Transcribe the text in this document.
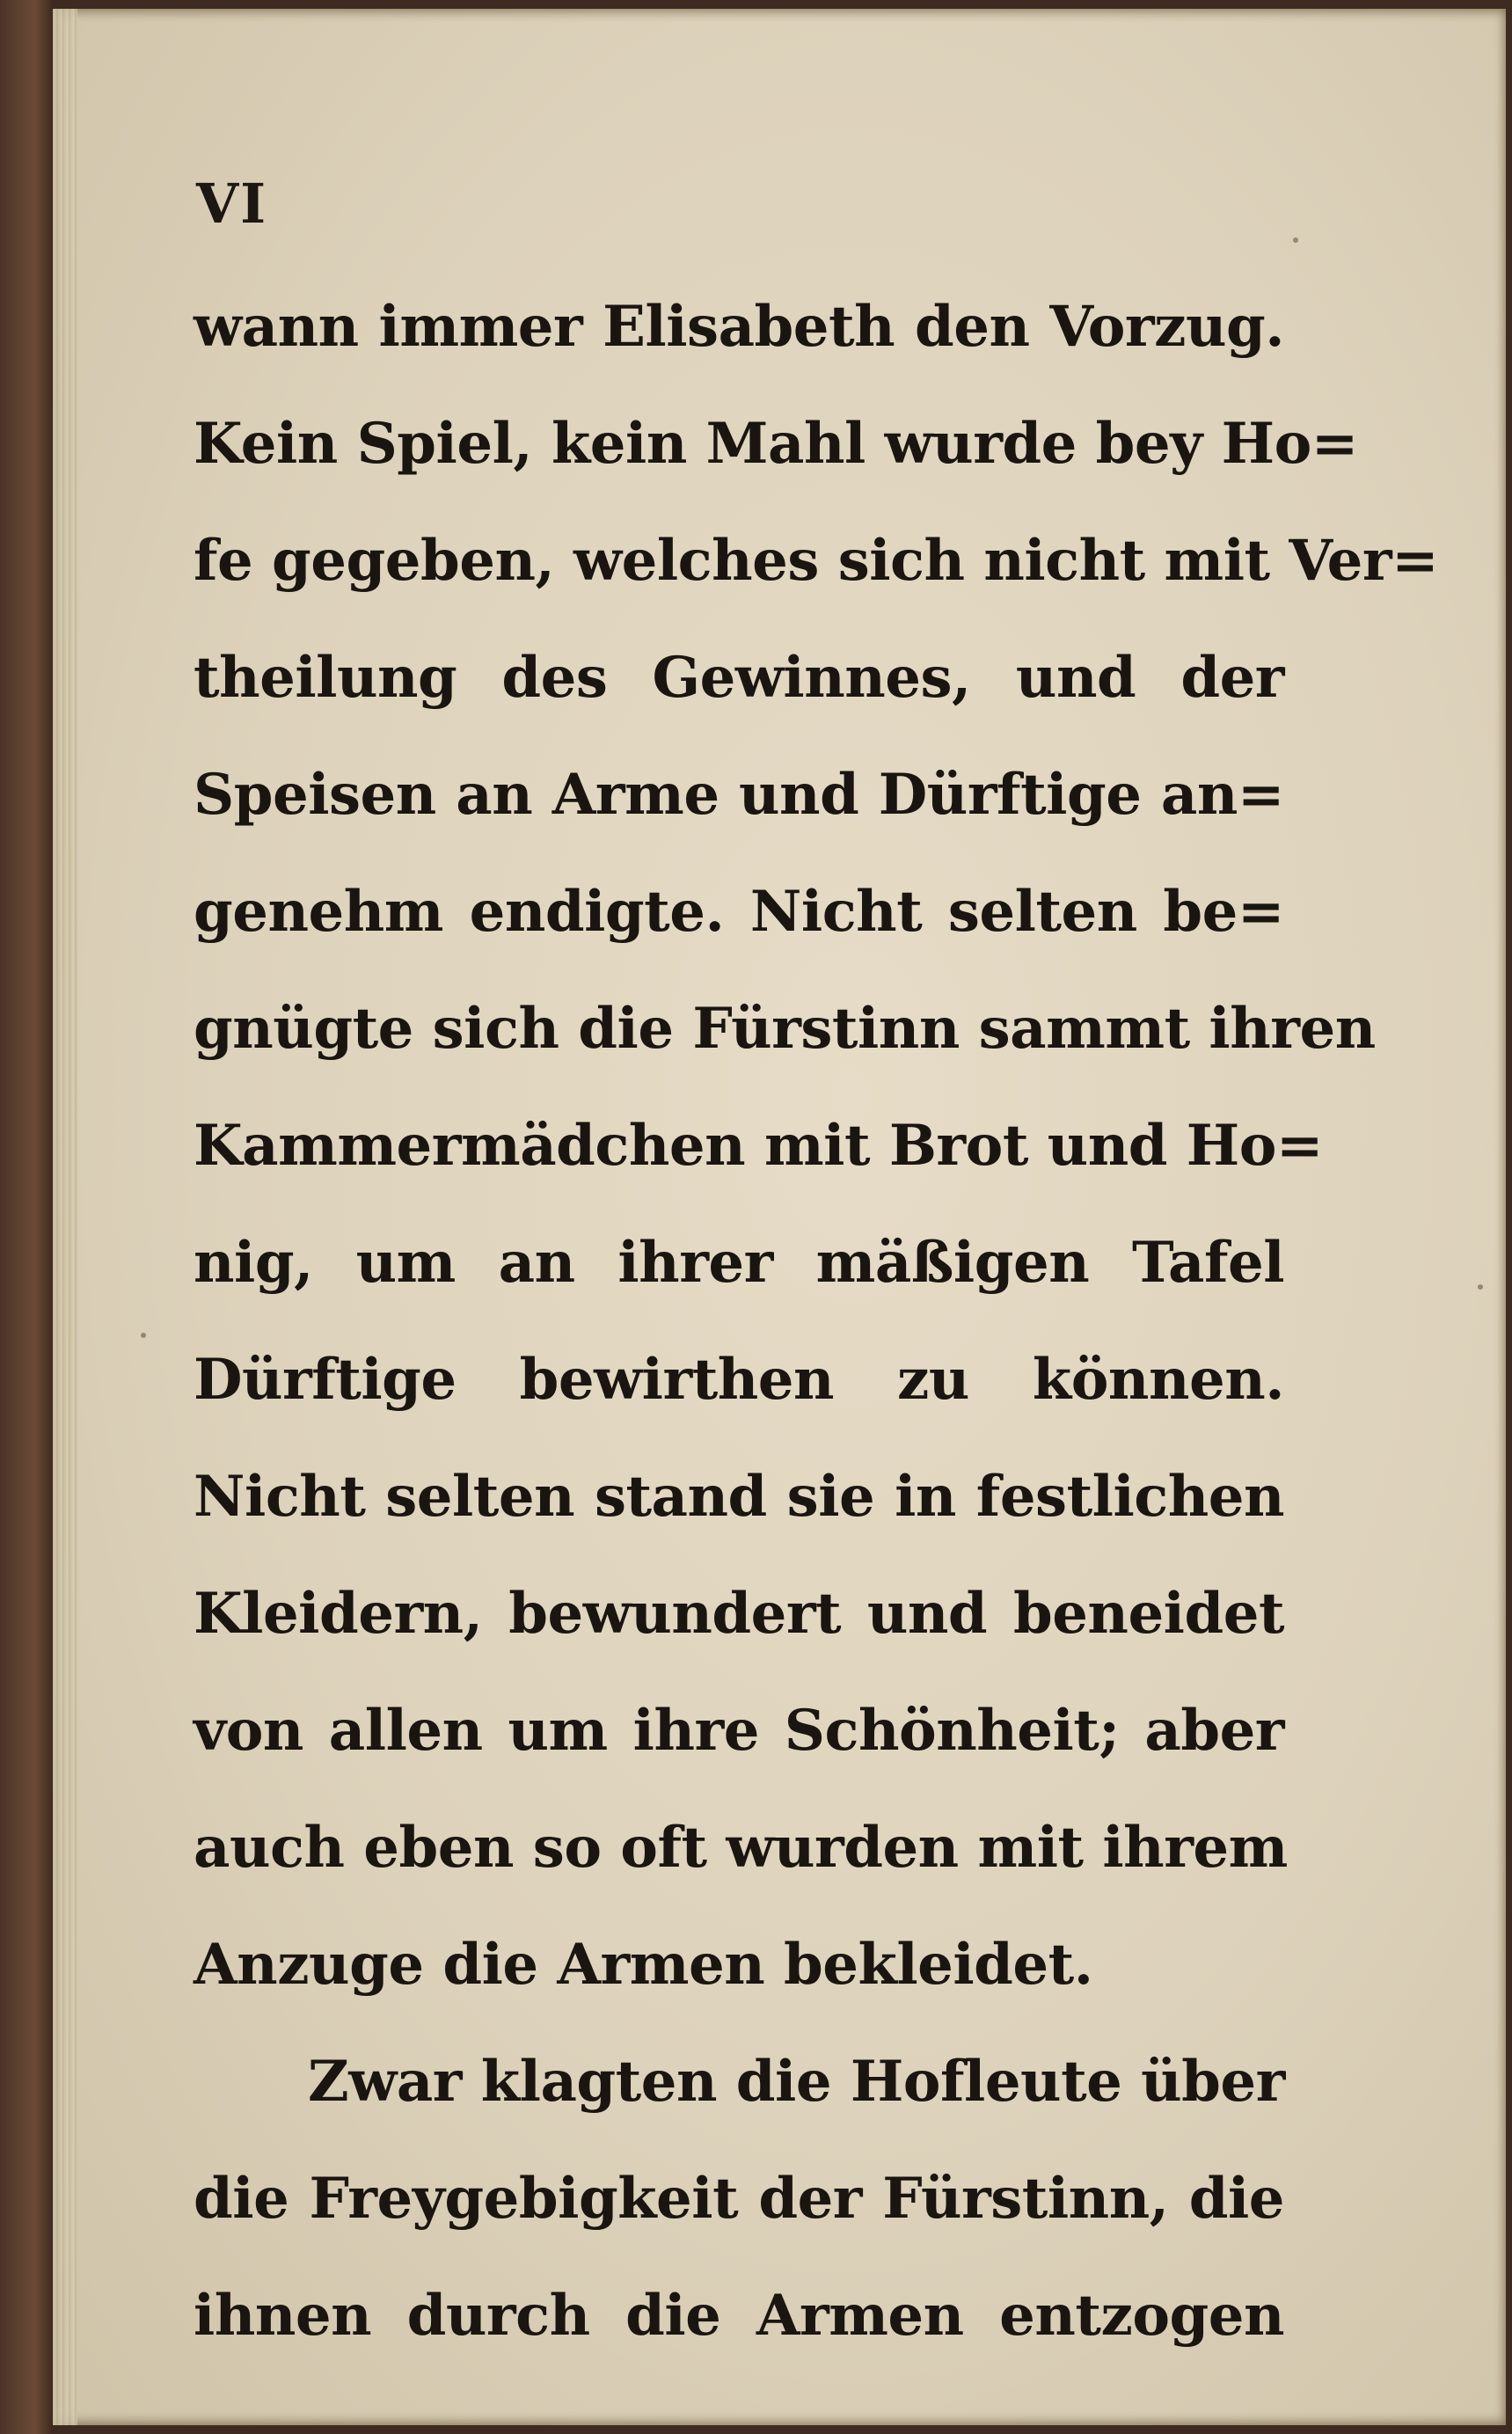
VI
wann immer Elisabeth den Vorzug.
Kein Spiel, kein Mahl wurde bey Ho=
fe gegeben, welches sich nicht mit Ver=
theilung des Gewinnes, und der
Speisen an Arme und Dürftige an=
genehm endigte. Nicht selten be=
gnügte sich die Fürstinn sammt ihren
Kammermädchen mit Brot und Ho=
nig, um an ihrer mäßigen Tafel
Dürftige bewirthen zu können.
Nicht selten stand sie in festlichen
Kleidern, bewundert und beneidet
von allen um ihre Schönheit; aber
auch eben so oft wurden mit ihrem
Anzuge die Armen bekleidet.
Zwar klagten die Hofleute über
die Freygebigkeit der Fürstinn, die
ihnen durch die Armen entzogen
